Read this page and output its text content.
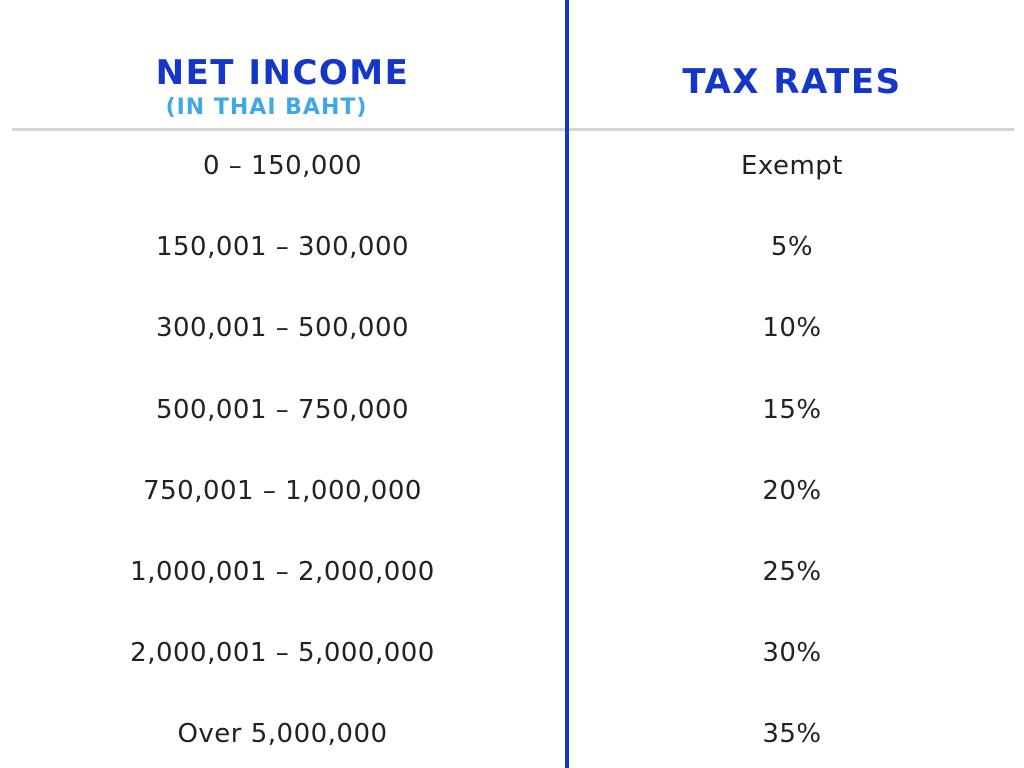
NET INCOME
(IN THAI BAHT)
TAX RATES
0 – 150,000	Exempt
150,001 – 300,000	5%
300,001 – 500,000	10%
500,001 – 750,000	15%
750,001 – 1,000,000	20%
1,000,001 – 2,000,000	25%
2,000,001 – 5,000,000	30%
Over 5,000,000	35%
